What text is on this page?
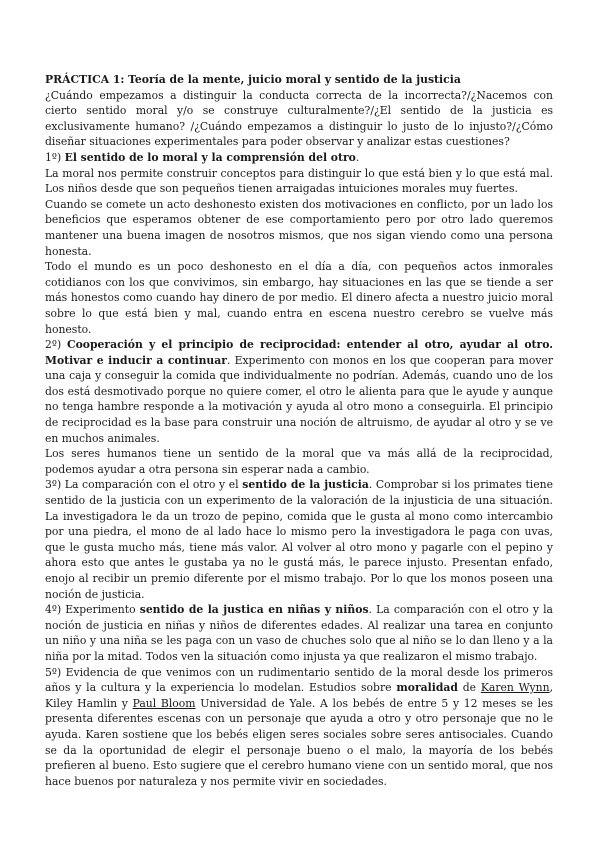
PRÁCTICA 1: Teoría de la mente, juicio moral y sentido de la justicia

¿Cuándo empezamos a distinguir la conducta correcta de la incorrecta?/¿Nacemos con cierto sentido moral y/o se construye culturalmente?/¿El sentido de la justicia es exclusivamente humano? /¿Cuándo empezamos a distinguir lo justo de lo injusto?/¿Cómo diseñar situaciones experimentales para poder observar y analizar estas cuestiones?

1º) El sentido de lo moral y la comprensión del otro.

La moral nos permite construir conceptos para distinguir lo que está bien y lo que está mal. Los niños desde que son pequeños tienen arraigadas intuiciones morales muy fuertes.

Cuando se comete un acto deshonesto existen dos motivaciones en conflicto, por un lado los beneficios que esperamos obtener de ese comportamiento pero por otro lado queremos mantener una buena imagen de nosotros mismos, que nos sigan viendo como una persona honesta.

Todo el mundo es un poco deshonesto en el día a día, con pequeños actos inmorales cotidianos con los que convivimos, sin embargo, hay situaciones en las que se tiende a ser más honestos como cuando hay dinero de por medio. El dinero afecta a nuestro juicio moral sobre lo que está bien y mal, cuando entra en escena nuestro cerebro se vuelve más honesto.

2º) Cooperación y el principio de reciprocidad: entender al otro, ayudar al otro. Motivar e inducir a continuar. Experimento con monos en los que cooperan para mover una caja y conseguir la comida que individualmente no podrían. Además, cuando uno de los dos está desmotivado porque no quiere comer, el otro le alienta para que le ayude y aunque no tenga hambre responde a la motivación y ayuda al otro mono a conseguirla. El principio de reciprocidad es la base para construir una noción de altruismo, de ayudar al otro y se ve en muchos animales.

Los seres humanos tiene un sentido de la moral que va más allá de la reciprocidad, podemos ayudar a otra persona sin esperar nada a cambio.

3º) La comparación con el otro y el sentido de la justicia. Comprobar si los primates tiene sentido de la justicia con un experimento de la valoración de la injusticia de una situación. La investigadora le da un trozo de pepino, comida que le gusta al mono como intercambio por una piedra, el mono de al lado hace lo mismo pero la investigadora le paga con uvas, que le gusta mucho más, tiene más valor. Al volver al otro mono y pagarle con el pepino y ahora esto que antes le gustaba ya no le gustá más, le parece injusto. Presentan enfado, enojo al recibir un premio diferente por el mismo trabajo. Por lo que los monos poseen una noción de justicia.

4º) Experimento sentido de la justica en niñas y niños. La comparación con el otro y la noción de justicia en niñas y niños de diferentes edades. Al realizar una tarea en conjunto un niño y una niña se les paga con un vaso de chuches solo que al niño se lo dan lleno y a la niña por la mitad. Todos ven la situación como injusta ya que realizaron el mismo trabajo.

5º) Evidencia de que venimos con un rudimentario sentido de la moral desde los primeros años y la cultura y la experiencia lo modelan. Estudios sobre moralidad de Karen Wynn, Kiley Hamlin y Paul Bloom Universidad de Yale. A los bebés de entre 5 y 12 meses se les presenta diferentes escenas con un personaje que ayuda a otro y otro personaje que no le ayuda. Karen sostiene que los bebés eligen seres sociales sobre seres antisociales. Cuando se da la oportunidad de elegir el personaje bueno o el malo, la mayoría de los bebés prefieren al bueno. Esto sugiere que el cerebro humano viene con un sentido moral, que nos hace buenos por naturaleza y nos permite vivir en sociedades.
